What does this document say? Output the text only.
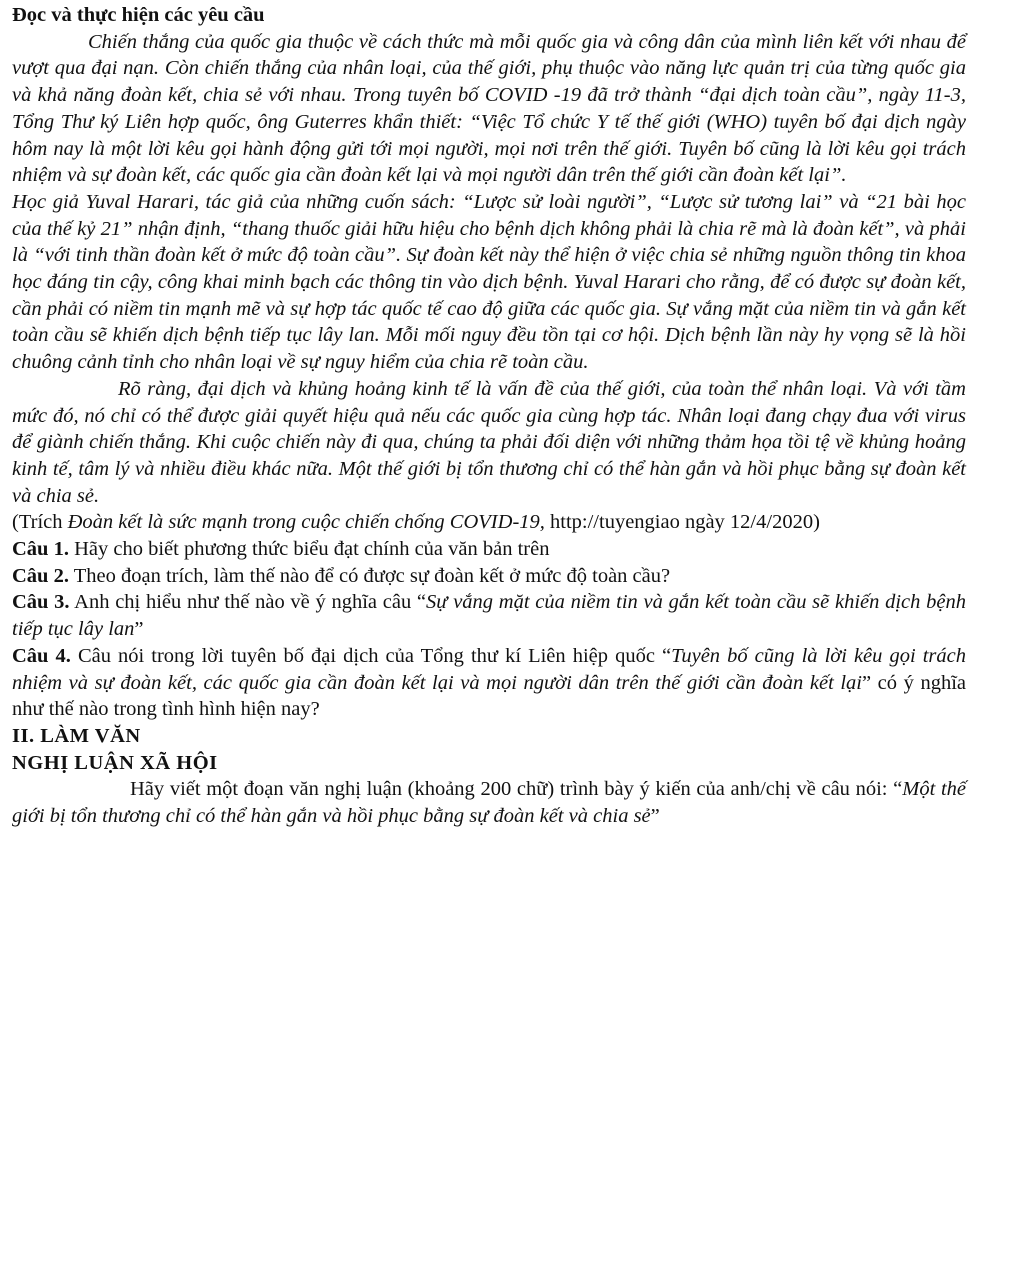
Đọc và thực hiện các yêu cầu

Chiến thắng của quốc gia thuộc về cách thức mà mỗi quốc gia và công dân của mình liên kết với nhau để vượt qua đại nạn. Còn chiến thắng của nhân loại, của thế giới, phụ thuộc vào năng lực quản trị của từng quốc gia và khả năng đoàn kết, chia sẻ với nhau. Trong tuyên bố COVID -19 đã trở thành “đại dịch toàn cầu”, ngày 11-3, Tổng Thư ký Liên hợp quốc, ông Guterres khẩn thiết: “Việc Tổ chức Y tế thế giới (WHO) tuyên bố đại dịch ngày hôm nay là một lời kêu gọi hành động gửi tới mọi người, mọi nơi trên thế giới. Tuyên bố cũng là lời kêu gọi trách nhiệm và sự đoàn kết, các quốc gia cần đoàn kết lại và mọi người dân trên thế giới cần đoàn kết lại”.

Học giả Yuval Harari, tác giả của những cuốn sách: “Lược sử loài người”, “Lược sử tương lai” và “21 bài học của thế kỷ 21” nhận định, “thang thuốc giải hữu hiệu cho bệnh dịch không phải là chia rẽ mà là đoàn kết”, và phải là “với tinh thần đoàn kết ở mức độ toàn cầu”. Sự đoàn kết này thể hiện ở việc chia sẻ những nguồn thông tin khoa học đáng tin cậy, công khai minh bạch các thông tin vào dịch bệnh. Yuval Harari cho rằng, để có được sự đoàn kết, cần phải có niềm tin mạnh mẽ và sự hợp tác quốc tế cao độ giữa các quốc gia. Sự vắng mặt của niềm tin và gắn kết toàn cầu sẽ khiến dịch bệnh tiếp tục lây lan. Mỗi mối nguy đều tồn tại cơ hội. Dịch bệnh lần này hy vọng sẽ là hồi chuông cảnh tỉnh cho nhân loại về sự nguy hiểm của chia rẽ toàn cầu.

Rõ ràng, đại dịch và khủng hoảng kinh tế là vấn đề của thế giới, của toàn thể nhân loại. Và với tầm mức đó, nó chỉ có thể được giải quyết hiệu quả nếu các quốc gia cùng hợp tác. Nhân loại đang chạy đua với virus để giành chiến thắng. Khi cuộc chiến này đi qua, chúng ta phải đối diện với những thảm họa tồi tệ về khủng hoảng kinh tế, tâm lý và nhiều điều khác nữa. Một thế giới bị tổn thương chỉ có thể hàn gắn và hồi phục bằng sự đoàn kết và chia sẻ.

(Trích Đoàn kết là sức mạnh trong cuộc chiến chống COVID-19, http://tuyengiao ngày 12/4/2020)

Câu 1. Hãy cho biết phương thức biểu đạt chính của văn bản trên

Câu 2. Theo đoạn trích, làm thế nào để có được sự đoàn kết ở mức độ toàn cầu?

Câu 3. Anh chị hiểu như thế nào về ý nghĩa câu “Sự vắng mặt của niềm tin và gắn kết toàn cầu sẽ khiến dịch bệnh tiếp tục lây lan”

Câu 4. Câu nói trong lời tuyên bố đại dịch của Tổng thư kí Liên hiệp quốc “Tuyên bố cũng là lời kêu gọi trách nhiệm và sự đoàn kết, các quốc gia cần đoàn kết lại và mọi người dân trên thế giới cần đoàn kết lại” có ý nghĩa như thế nào trong tình hình hiện nay?

II. LÀM VĂN
NGHỊ LUẬN XÃ HỘI

Hãy viết một đoạn văn nghị luận (khoảng 200 chữ) trình bày ý kiến của anh/chị về câu nói: “Một thế giới bị tổn thương chỉ có thể hàn gắn và hồi phục bằng sự đoàn kết và chia sẻ”
